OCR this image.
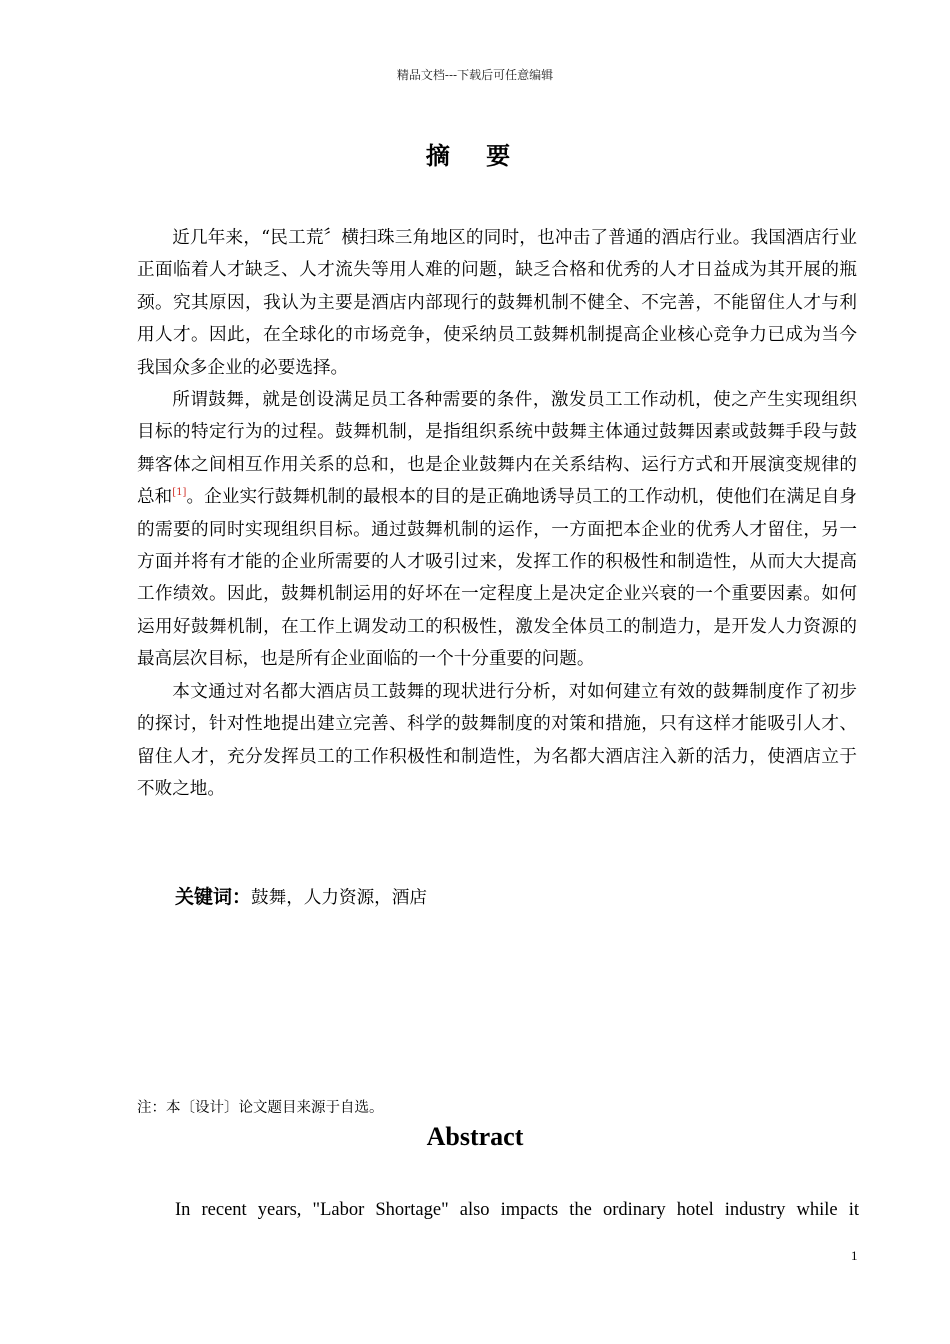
精品文档---下载后可任意编辑
摘 要

近几年来，“民工荒〞横扫珠三角地区的同时，也冲击了普通的酒店行业。我国酒店行业正面临着人才缺乏、人才流失等用人难的问题，缺乏合格和优秀的人才日益成为其开展的瓶颈。究其原因，我认为主要是酒店内部现行的鼓舞机制不健全、不完善，不能留住人才与利用人才。因此，在全球化的市场竞争，使采纳员工鼓舞机制提高企业核心竞争力已成为当今我国众多企业的必要选择。

所谓鼓舞，就是创设满足员工各种需要的条件，激发员工工作动机，使之产生实现组织目标的特定行为的过程。鼓舞机制，是指组织系统中鼓舞主体通过鼓舞因素或鼓舞手段与鼓舞客体之间相互作用关系的总和，也是企业鼓舞内在关系结构、运行方式和开展演变规律的总和[1]。企业实行鼓舞机制的最根本的目的是正确地诱导员工的工作动机，使他们在满足自身的需要的同时实现组织目标。通过鼓舞机制的运作，一方面把本企业的优秀人才留住，另一方面并将有才能的企业所需要的人才吸引过来，发挥工作的积极性和制造性，从而大大提高工作绩效。因此，鼓舞机制运用的好坏在一定程度上是决定企业兴衰的一个重要因素。如何运用好鼓舞机制，在工作上调发动工的积极性，激发全体员工的制造力，是开发人力资源的最高层次目标，也是所有企业面临的一个十分重要的问题。

本文通过对名都大酒店员工鼓舞的现状进行分析，对如何建立有效的鼓舞制度作了初步的探讨，针对性地提出建立完善、科学的鼓舞制度的对策和措施，只有这样才能吸引人才、留住人才，充分发挥员工的工作积极性和制造性，为名都大酒店注入新的活力，使酒店立于不败之地。

关键词：鼓舞，人力资源，酒店
注：本〔设计〕论文题目来源于自选。
Abstract
In recent years, "Labor Shortage" also impacts the ordinary hotel industry while it
1
